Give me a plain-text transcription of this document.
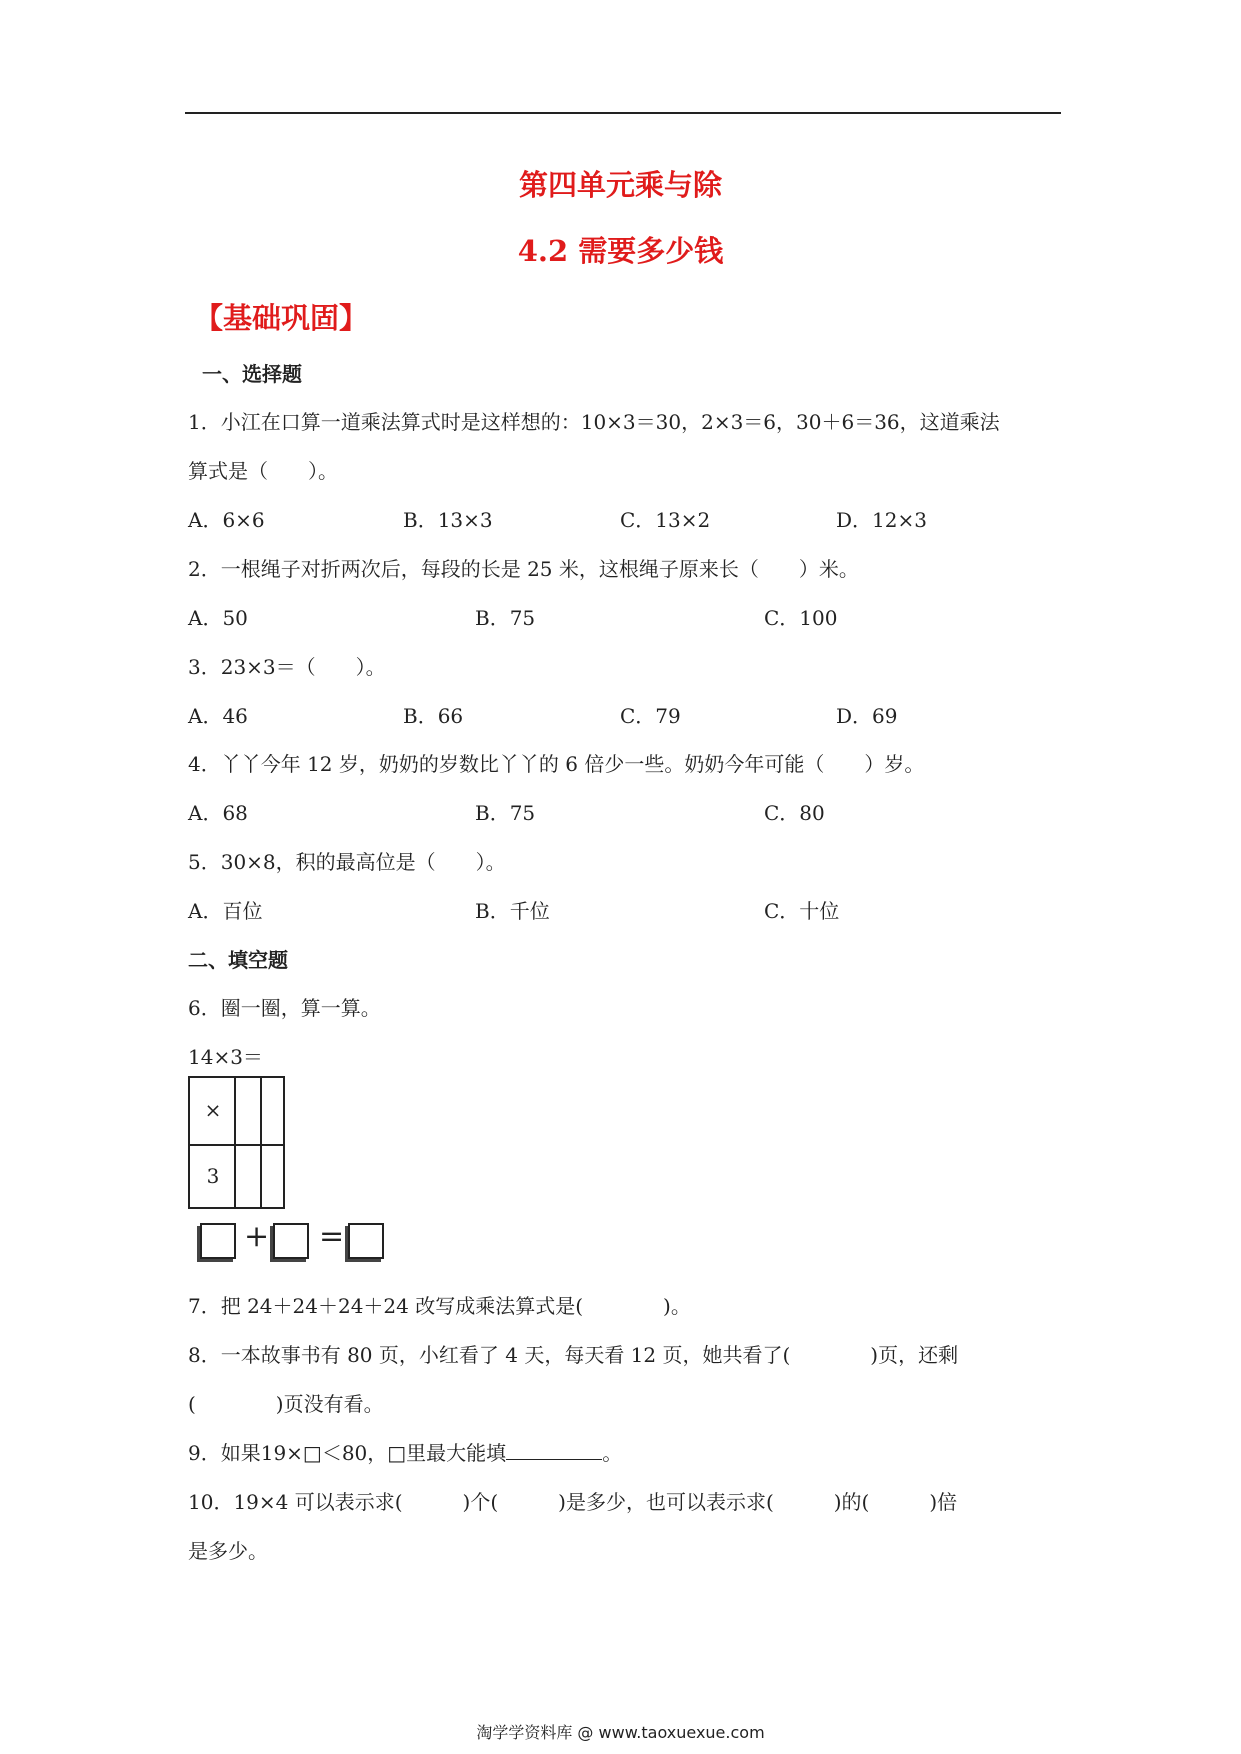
第四单元乘与除
4.2 需要多少钱
【基础巩固】
一、选择题
1．小江在口算一道乘法算式时是这样想的：10×3＝30，2×3＝6，30＋6＝36，这道乘法
算式是（　　）。
A．6×6	B．13×3	C．13×2	D．12×3
2．一根绳子对折两次后，每段的长是 25 米，这根绳子原来长（　　）米。
A．50	B．75	C．100
3．23×3＝（　　）。
A．46	B．66	C．79	D．69
4．丫丫今年 12 岁，奶奶的岁数比丫丫的 6 倍少一些。奶奶今年可能（　　）岁。
A．68	B．75	C．80
5．30×8，积的最高位是（　　）。
A．百位	B．千位	C．十位
二、填空题
6．圈一圈，算一算。
14×3＝
×
3
+ =
7．把 24＋24＋24＋24 改写成乘法算式是(　　　　)。
8．一本故事书有 80 页，小红看了 4 天，每天看 12 页，她共看了(　　　　)页，还剩
(　　　　)页没有看。
9．如果19×□＜80，□里最大能填	。
10．19×4 可以表示求(　　　)个(　　　)是多少，也可以表示求(　　　)的(　　　)倍
是多少。
淘学学资料库 @ www.taoxuexue.com
